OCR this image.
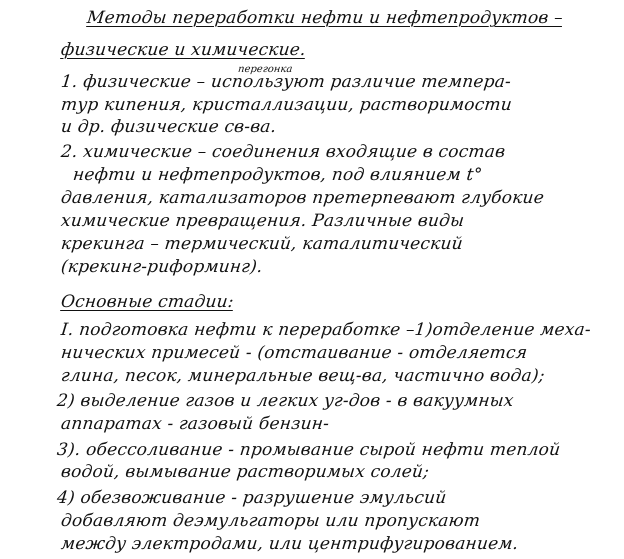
Методы переработки нефти и нефтепродуктов –
физические и химические.
перегонка
1. физические – используют различие темпера-
тур кипения, кристаллизации, растворимости
и др. физические св-ва.
2. химические – соединения входящие в состав
нефти и нефтепродуктов, под влиянием t°
давления, катализаторов претерпевают глубокие
химические превращения. Различные виды
крекинга – термический, каталитический
(крекинг-риформинг).
Основные стадии:
I. подготовка нефти к переработке –1)отделение меха-
нических примесей - (отстаивание - отделяется
глина, песок, минеральные вещ-ва, частично вода);
2) выделение газов и легких уг-дов - в вакуумных
аппаратах - газовый бензин-
3). обессоливание - промывание сырой нефти теплой
водой, вымывание растворимых солей;
4) обезвоживание - разрушение эмульсий
добавляют деэмульгаторы или пропускают
между электродами, или центрифугированием.
